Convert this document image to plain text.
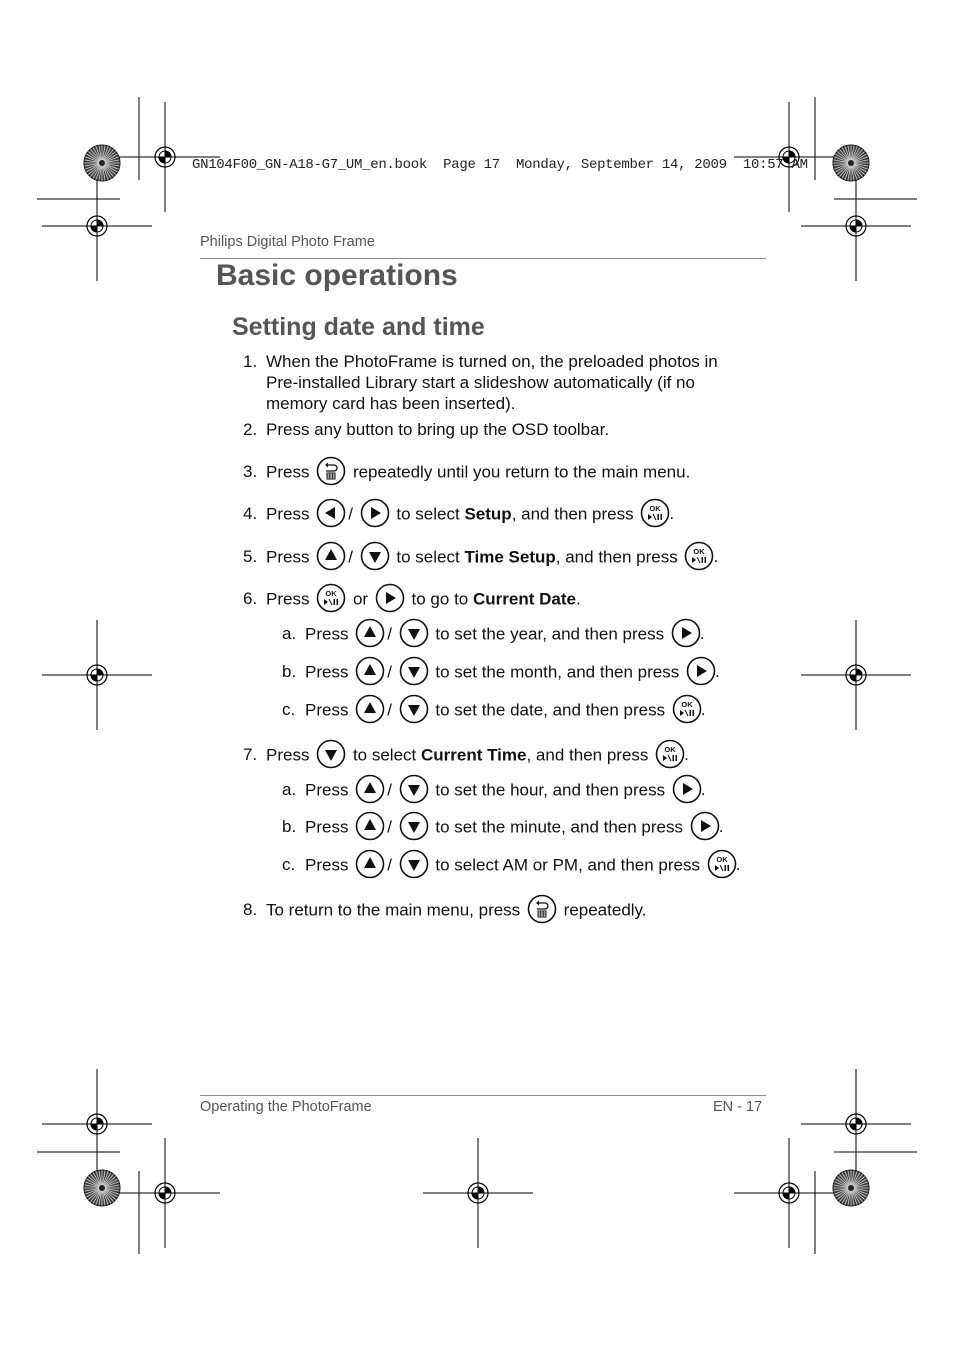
GN104F00_GN-A18-G7_UM_en.book  Page 17  Monday, September 14, 2009  10:57 AM
Philips Digital Photo Frame
Basic operations
Setting date and time
1. When the PhotoFrame is turned on, the preloaded photos in
Pre-installed Library start a slideshow automatically (if no
memory card has been inserted).
2. Press any button to bring up the OSD toolbar.
3. Press	repeatedly until you return to the main menu.
4. Press /	to select Setup, and then press OK .
5. Press /	to select Time Setup, and then press OK .
6. Press OK or	to go to Current Date.
a. Press /	to set the year, and then press .
b. Press /	to set the month, and then press .
c. Press /	to set the date, and then press OK .
7. Press	to select Current Time, and then press OK .
a. Press /	to set the hour, and then press .
b. Press /	to set the minute, and then press .
c. Press /	to select AM or PM, and then press OK .
8. To return to the main menu, press	repeatedly.
Operating the PhotoFrame	EN - 17
